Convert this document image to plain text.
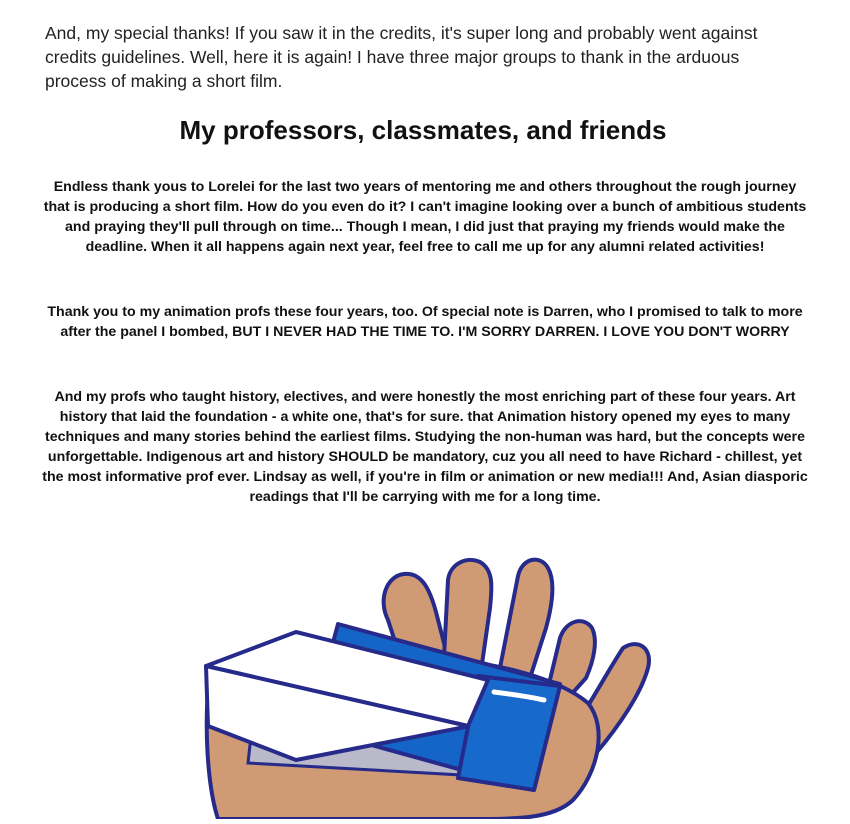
And, my special thanks! If you saw it in the credits, it's super long and probably went against credits guidelines. Well, here it is again! I have three major groups to thank in the arduous process of making a short film.

My professors, classmates, and friends

Endless thank yous to Lorelei for the last two years of mentoring me and others throughout the rough journey that is producing a short film. How do you even do it? I can't imagine looking over a bunch of ambitious students and praying they'll pull through on time... Though I mean, I did just that praying my friends would make the deadline. When it all happens again next year, feel free to call me up for any alumni related activities!

Thank you to my animation profs these four years, too. Of special note is Darren, who I promised to talk to more after the panel I bombed, BUT I NEVER HAD THE TIME TO. I'M SORRY DARREN. I LOVE YOU DON'T WORRY

And my profs who taught history, electives, and were honestly the most enriching part of these four years. Art history that laid the foundation - a white one, that's for sure. that Animation history opened my eyes to many techniques and many stories behind the earliest films. Studying the non-human was hard, but the concepts were unforgettable. Indigenous art and history SHOULD be mandatory, cuz you all need to have Richard - chillest, yet the most informative prof ever. Lindsay as well, if you're in film or animation or new media!!! And, Asian diasporic readings that I'll be carrying with me for a long time.
